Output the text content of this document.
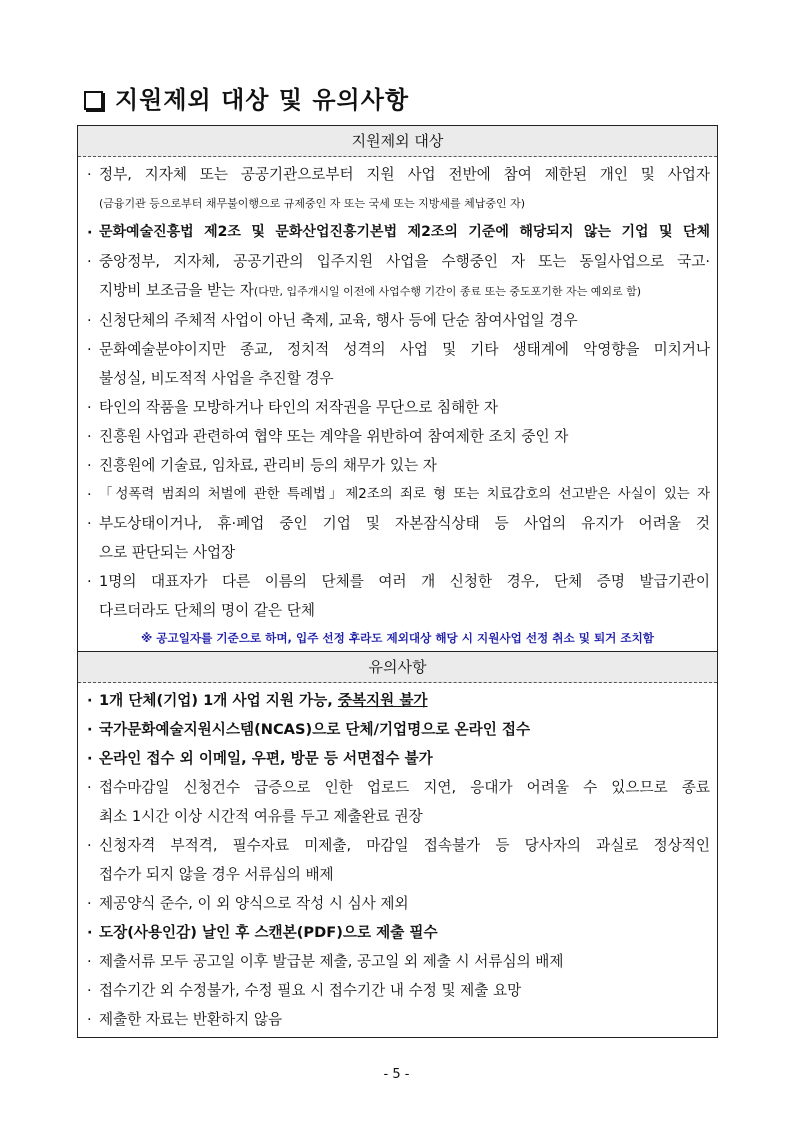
지원제외 대상 및 유의사항
지원제외 대상
· 정부, 지자체 또는 공공기관으로부터 지원 사업 전반에 참여 제한된 개인 및 사업자
(금융기관 등으로부터 채무불이행으로 규제중인 자 또는 국세 또는 지방세를 체납중인 자)
· 문화예술진흥법 제2조 및 문화산업진흥기본법 제2조의 기준에 해당되지 않는 기업 및 단체
· 중앙정부, 지자체, 공공기관의 입주지원 사업을 수행중인 자 또는 동일사업으로 국고·
지방비 보조금을 받는 자(다만, 입주개시일 이전에 사업수행 기간이 종료 또는 중도포기한 자는 예외로 함)
· 신청단체의 주체적 사업이 아닌 축제, 교육, 행사 등에 단순 참여사업일 경우
· 문화예술분야이지만 종교, 정치적 성격의 사업 및 기타 생태계에 악영향을 미치거나
불성실, 비도적적 사업을 추진할 경우
· 타인의 작품을 모방하거나 타인의 저작권을 무단으로 침해한 자
· 진흥원 사업과 관련하여 협약 또는 계약을 위반하여 참여제한 조치 중인 자
· 진흥원에 기술료, 임차료, 관리비 등의 채무가 있는 자
· 「성폭력 범죄의 처벌에 관한 특례법」제2조의 죄로 형 또는 치료감호의 선고받은 사실이 있는 자
· 부도상태이거나, 휴·폐업 중인 기업 및 자본잠식상태 등 사업의 유지가 어려울 것
으로 판단되는 사업장
· 1명의 대표자가 다른 이름의 단체를 여러 개 신청한 경우, 단체 증명 발급기관이
다르더라도 단체의 명이 같은 단체
※ 공고일자를 기준으로 하며, 입주 선정 후라도 제외대상 해당 시 지원사업 선정 취소 및 퇴거 조치함
유의사항
· 1개 단체(기업) 1개 사업 지원 가능, 중복지원 불가
· 국가문화예술지원시스템(NCAS)으로 단체/기업명으로 온라인 접수
· 온라인 접수 외 이메일, 우편, 방문 등 서면접수 불가
· 접수마감일 신청건수 급증으로 인한 업로드 지연, 응대가 어려울 수 있으므로 종료
최소 1시간 이상 시간적 여유를 두고 제출완료 권장
· 신청자격 부적격, 필수자료 미제출, 마감일 접속불가 등 당사자의 과실로 정상적인
접수가 되지 않을 경우 서류심의 배제
· 제공양식 준수, 이 외 양식으로 작성 시 심사 제외
· 도장(사용인감) 날인 후 스캔본(PDF)으로 제출 필수
· 제출서류 모두 공고일 이후 발급분 제출, 공고일 외 제출 시 서류심의 배제
· 접수기간 외 수정불가, 수정 필요 시 접수기간 내 수정 및 제출 요망
· 제출한 자료는 반환하지 않음
- 5 -
